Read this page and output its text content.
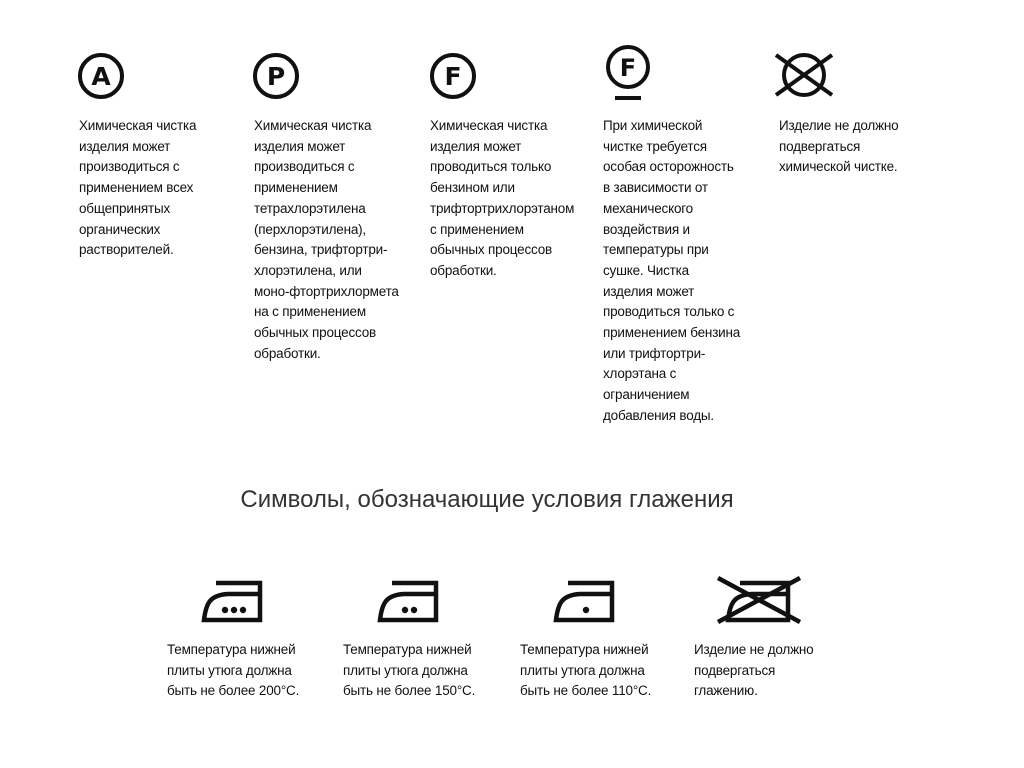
A	P	F	F

Химическая чистка
изделия может
производиться с
применением всех
общепринятых
органических
растворителей.

Химическая чистка
изделия может
производиться с
применением
тетрахлорэтилена
(перхлорэтилена),
бензина, трифтортри-
хлорэтилена, или
моно-фтортрихлормета
на с применением
обычных процессов
обработки.

Химическая чистка
изделия может
проводиться только
бензином или
трифтортрихлорэтаном
с применением
обычных процессов
обработки.

При химической
чистке требуется
особая осторожность
в зависимости от
механического
воздействия и
температуры при
сушке. Чистка
изделия может
проводиться только с
применением бензина
или трифтортри-
хлорэтана с
ограничением
добавления воды.

Изделие не должно
подвергаться
химической чистке.

Символы, обозначающие условия глажения

Температура нижней
плиты утюга должна
быть не более 200°С.

Температура нижней
плиты утюга должна
быть не более 150°С.

Температура нижней
плиты утюга должна
быть не более 110°С.

Изделие не должно
подвергаться
глажению.
